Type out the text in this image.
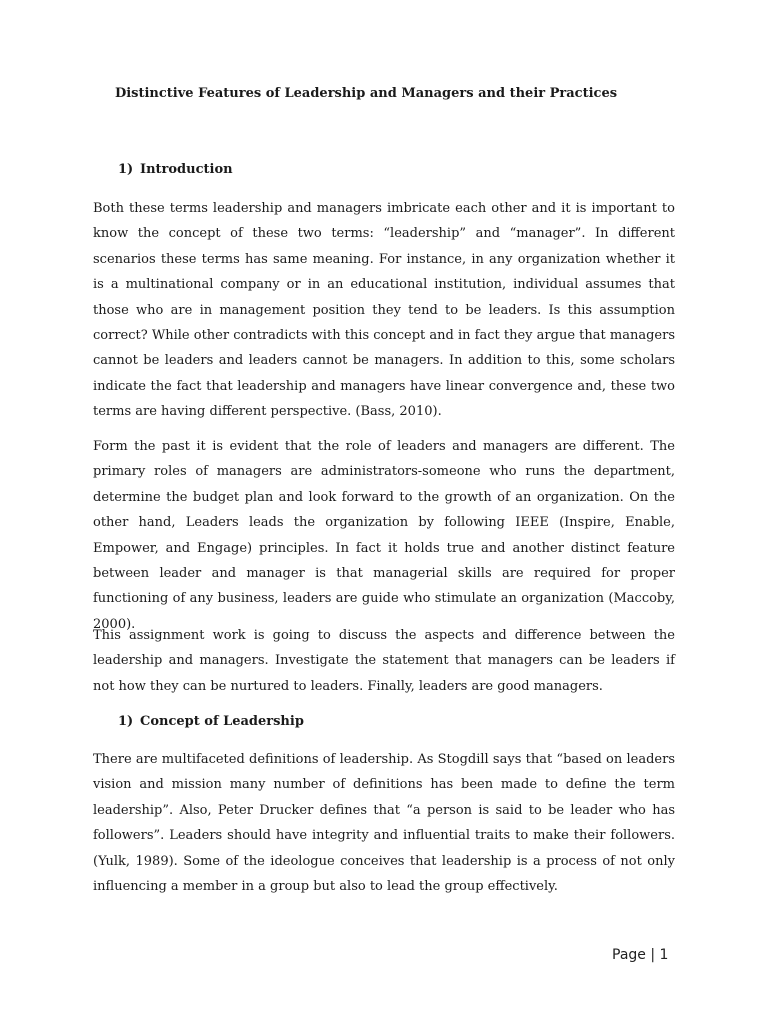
Distinctive Features of Leadership and Managers and their Practices
1) Introduction

Both these terms leadership and managers imbricate each other and it is important to know the concept of these two terms: “leadership” and “manager”. In different scenarios these terms has same meaning. For instance, in any organization whether it is a multinational company or in an educational institution, individual assumes that those who are in management position they tend to be leaders. Is this assumption correct? While other contradicts with this concept and in fact they argue that managers cannot be leaders and leaders cannot be managers. In addition to this, some scholars indicate the fact that leadership and managers have linear convergence and, these two terms are having different perspective. (Bass, 2010).

Form the past it is evident that the role of leaders and managers are different. The primary roles of managers are administrators-someone who runs the department, determine the budget plan and look forward to the growth of an organization. On the other hand, Leaders leads the organization by following IEEE (Inspire, Enable, Empower, and Engage) principles. In fact it holds true and another distinct feature between leader and manager is that managerial skills are required for proper functioning of any business, leaders are guide who stimulate an organization (Maccoby, 2000).

This assignment work is going to discuss the aspects and difference between the leadership and managers. Investigate the statement that managers can be leaders if not how they can be nurtured to leaders. Finally, leaders are good managers.

1) Concept of Leadership

There are multifaceted definitions of leadership. As Stogdill says that “based on leaders vision and mission many number of definitions has been made to define the term leadership”. Also, Peter Drucker defines that “a person is said to be leader who has followers”. Leaders should have integrity and influential traits to make their followers. (Yulk, 1989). Some of the ideologue conceives that leadership is a process of not only influencing a member in a group but also to lead the group effectively.

Page | 1
